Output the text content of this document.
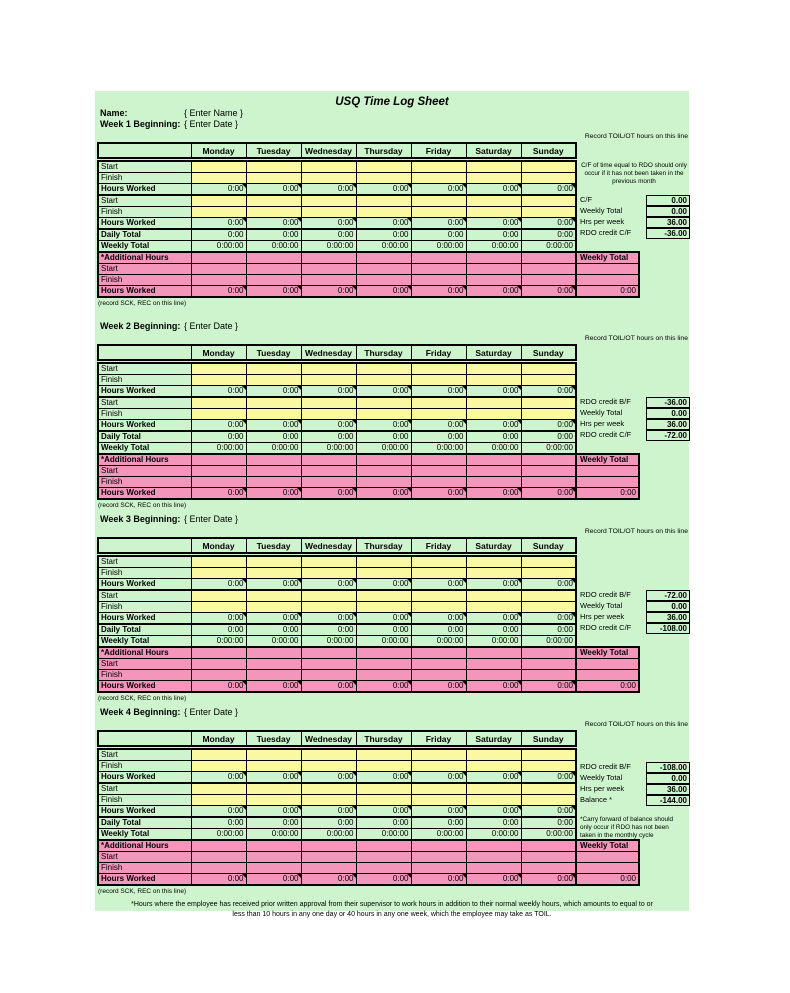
USQ Time Log Sheet
Name:	{ Enter Name }
Week 1 Beginning: { Enter Date }
Record TOIL/OT hours on this line
	Monday	Tuesday	Wednesday	Thursday	Friday	Saturday	Sunday	

Start								
Finish								
Hours Worked	0:00	0:00	0:00	0:00	0:00	0:00	0:00	
Start								
Finish								
Hours Worked	0:00	0:00	0:00	0:00	0:00	0:00	0:00	
Daily Total	0:00	0:00	0:00	0:00	0:00	0:00	0:00	
Weekly Total	0:00:00	0:00:00	0:00:00	0:00:00	0:00:00	0:00:00	0:00:00	
*Additional Hours								Weekly Total
Start								
Finish								
Hours Worked	0:00	0:00	0:00	0:00	0:00	0:00	0:00	0:00
C/F of time equal to RDO should only occur if it has not been taken in the previous month
C/F	0.00
Weekly Total	0.00
Hrs per week	36.00
RDO credit C/F	-36.00
(record SCK, REC on this line)
Week 2 Beginning: { Enter Date }
Record TOIL/OT hours on this line
	Monday	Tuesday	Wednesday	Thursday	Friday	Saturday	Sunday	

Start								
Finish								
Hours Worked	0:00	0:00	0:00	0:00	0:00	0:00	0:00	
Start								
Finish								
Hours Worked	0:00	0:00	0:00	0:00	0:00	0:00	0:00	
Daily Total	0:00	0:00	0:00	0:00	0:00	0:00	0:00	
Weekly Total	0:00:00	0:00:00	0:00:00	0:00:00	0:00:00	0:00:00	0:00:00	
*Additional Hours								Weekly Total
Start								
Finish								
Hours Worked	0:00	0:00	0:00	0:00	0:00	0:00	0:00	0:00
RDO credit B/F	-36.00
Weekly Total	0.00
Hrs per week	36.00
RDO credit C/F	-72.00
(record SCK, REC on this line)
Week 3 Beginning: { Enter Date }
Record TOIL/OT hours on this line
	Monday	Tuesday	Wednesday	Thursday	Friday	Saturday	Sunday	

Start								
Finish								
Hours Worked	0:00	0:00	0:00	0:00	0:00	0:00	0:00	
Start								
Finish								
Hours Worked	0:00	0:00	0:00	0:00	0:00	0:00	0:00	
Daily Total	0:00	0:00	0:00	0:00	0:00	0:00	0:00	
Weekly Total	0:00:00	0:00:00	0:00:00	0:00:00	0:00:00	0:00:00	0:00:00	
*Additional Hours								Weekly Total
Start								
Finish								
Hours Worked	0:00	0:00	0:00	0:00	0:00	0:00	0:00	0:00
RDO credit B/F	-72.00
Weekly Total	0.00
Hrs per week	36.00
RDO credit C/F	-108.00
(record SCK, REC on this line)
Week 4 Beginning: { Enter Date }
Record TOIL/OT hours on this line
	Monday	Tuesday	Wednesday	Thursday	Friday	Saturday	Sunday	

Start								
Finish								
Hours Worked	0:00	0:00	0:00	0:00	0:00	0:00	0:00	
Start								
Finish								
Hours Worked	0:00	0:00	0:00	0:00	0:00	0:00	0:00	
Daily Total	0:00	0:00	0:00	0:00	0:00	0:00	0:00	
Weekly Total	0:00:00	0:00:00	0:00:00	0:00:00	0:00:00	0:00:00	0:00:00	
*Additional Hours								Weekly Total
Start								
Finish								
Hours Worked	0:00	0:00	0:00	0:00	0:00	0:00	0:00	0:00
RDO credit B/F	-108.00
Weekly Total	0.00
Hrs per week	36.00
Balance *	-144.00
*Carry forward of balance should only occur if RDO has not been taken in the monthly cycle
(record SCK, REC on this line)
*Hours where the employee has received prior written approval from their supervisor to work hours in addition to their normal weekly hours, which amounts to equal to or
less than 10 hours in any one day or 40 hours in any one week, which the employee may take as TOIL.
